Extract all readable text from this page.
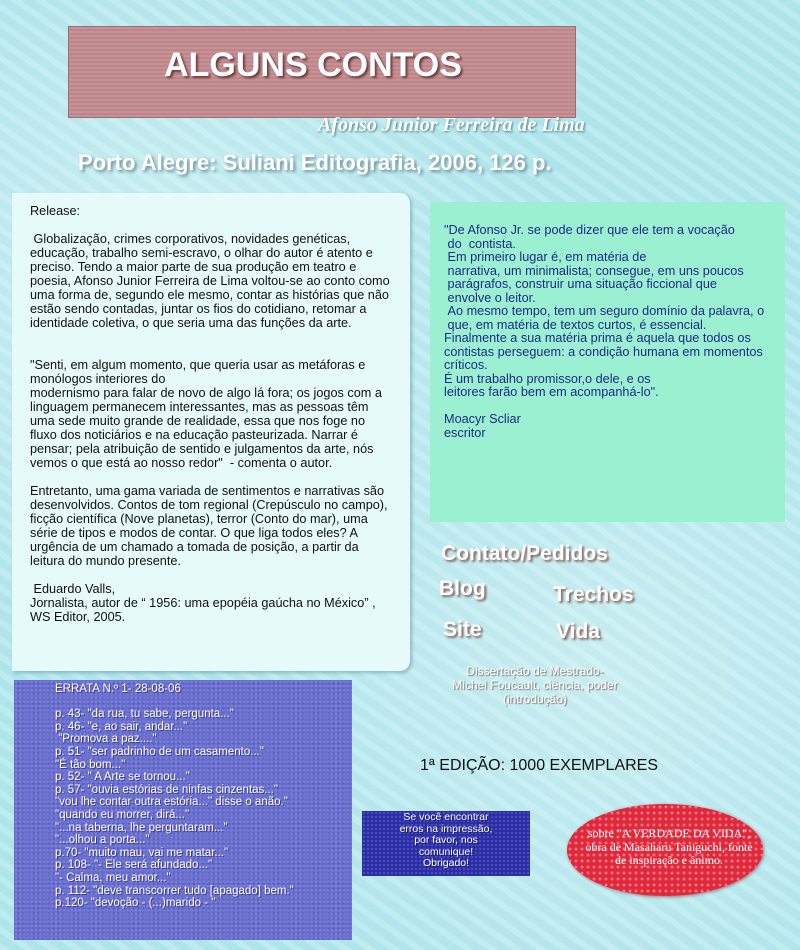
ALGUNS CONTOS
Afonso Junior Ferreira de Lima
Porto Alegre: Suliani Editografia, 2006, 126 p.
Release:

Globalização, crimes corporativos, novidades genéticas, educação, trabalho semi-escravo, o olhar do autor é atento e preciso. Tendo a maior parte de sua produção em teatro e poesia, Afonso Junior Ferreira de Lima voltou-se ao conto como uma forma de, segundo ele mesmo, contar as histórias que não estão sendo contadas, juntar os fios do cotidiano, retomar a identidade coletiva, o que seria uma das funções da arte.

"Senti, em algum momento, que queria usar as metáforas e monólogos interiores do
modernismo para falar de novo de algo lá fora; os jogos com a linguagem permanecem interessantes, mas as pessoas têm uma sede muito grande de realidade, essa que nos foge no fluxo dos noticiários e na educação pasteurizada. Narrar é pensar; pela atribuição de sentido e julgamentos da arte, nós vemos o que está ao nosso redor"  - comenta o autor.

Entretanto, uma gama variada de sentimentos e narrativas são desenvolvidos. Contos de tom regional (Crepúsculo no campo), ficção científica (Nove planetas), terror (Conto do mar), uma série de tipos e modos de contar. O que liga todos eles? A urgência de um chamado a tomada de posição, a partir da leitura do mundo presente.

Eduardo Valls,
Jornalista, autor de “ 1956: uma epopéia gaúcha no México” , WS Editor, 2005.
"De Afonso Jr. se pode dizer que ele tem a vocação
do  contista.
Em primeiro lugar é, em matéria de
narrativa, um minimalista; consegue, em uns poucos
parágrafos, construir uma situação ficcional que
envolve o leitor.
Ao mesmo tempo, tem um seguro domínio da palavra, o
que, em matéria de textos curtos, é essencial.
Finalmente a sua matéria prima é aquela que todos os
contistas perseguem: a condição humana em momentos
críticos.
É um trabalho promissor,o dele, e os
leitores farão bem em acompanhá-lo".

Moacyr Scliar
escritor
Contato/Pedidos
Blog	Trechos
Site	Vida
Dissertação de Mestrado-
Michel Foucault, ciência, poder
(introdução)
1ª EDIÇÃO: 1000 EXEMPLARES
ERRATA N.º 1- 28-08-06

p. 43- "da rua, tu sabe, pergunta..."
p. 46- "e, ao sair, andar..."
"Promova a paz...."
p. 51- "ser padrinho de um casamento..."
"É tão bom..."
p. 52- " A Arte se tornou..."
p. 57- "ouvia estórias de ninfas cinzentas..."
"vou lhe contar outra estória..." disse o anão."
"quando eu morrer, dirá..."
"...na taberna, lhe perguntaram..."
"...olhou a porta..."
p.70- "muito mau, vai me matar..."
p. 108- "- Ele será afundado..."
"- Calma, meu amor..."
p. 112- "deve transcorrer tudo [apagado] bem."
p.120- "devoção - (...)marido - "
Se você encontrar
erros na impressão,
por favor, nos
comunique!
Obrigado!
sobre "A VERDADE DA VIDA",
obra de Masaharu Taniguchi, fonte
de inspiração e ânimo.
